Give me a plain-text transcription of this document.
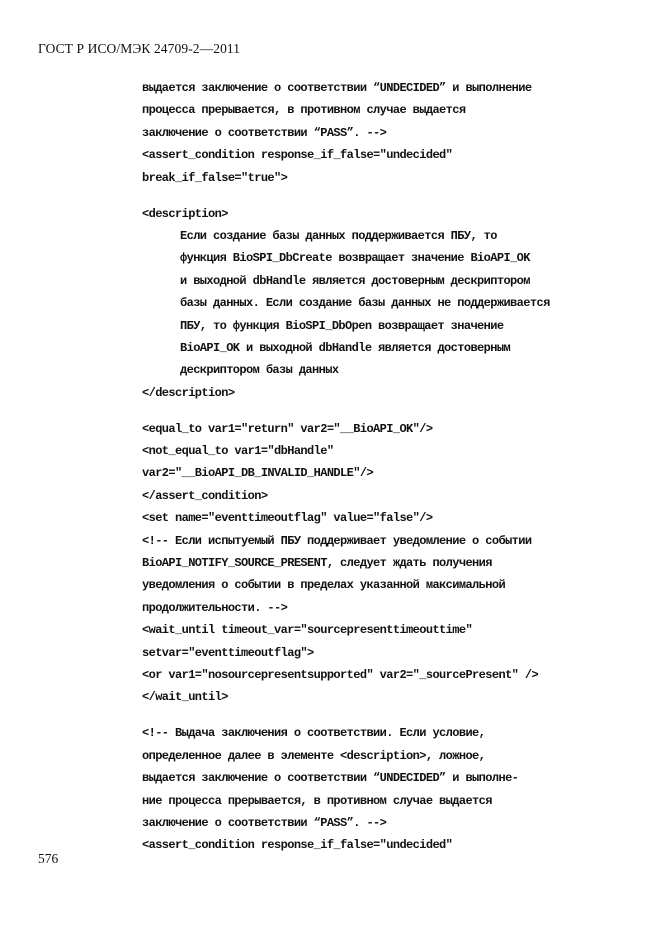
ГОСТ Р ИСО/МЭК 24709-2—2011
выдается заключение о соответствии “UNDECIDED” и выполнение
процесса прерывается, в противном случае выдается
заключение о соответствии “PASS”. -->
<assert_condition response_if_false="undecided"
break_if_false="true">
<description>
Если создание базы данных поддерживается ПБУ, то
функция BioSPI_DbCreate возвращает значение BioAPI_OK
и выходной dbHandle является достоверным дескриптором
базы данных. Если создание базы данных не поддерживается
ПБУ, то функция BioSPI_DbOpen возвращает значение
BioAPI_OK и выходной dbHandle является достоверным
дескриптором базы данных
</description>
<equal_to var1="return" var2="__BioAPI_OK"/>
<not_equal_to var1="dbHandle"
var2="__BioAPI_DB_INVALID_HANDLE"/>
</assert_condition>
<set name="eventtimeoutflag" value="false"/>
<!-- Если испытуемый ПБУ поддерживает уведомление о событии
BioAPI_NOTIFY_SOURCE_PRESENT, следует ждать получения
уведомления о событии в пределах указанной максимальной
продолжительности. -->
<wait_until timeout_var="sourcepresenttimeouttime"
setvar="eventtimeoutflag">
<or var1="nosourcepresentsupported" var2="_sourcePresent" />
</wait_until>
<!-- Выдача заключения о соответствии. Если условие,
определенное далее в элементе <description>, ложное,
выдается заключение о соответствии “UNDECIDED” и выполне-
ние процесса прерывается, в противном случае выдается
заключение о соответствии “PASS”. -->
<assert_condition response_if_false="undecided"
576
